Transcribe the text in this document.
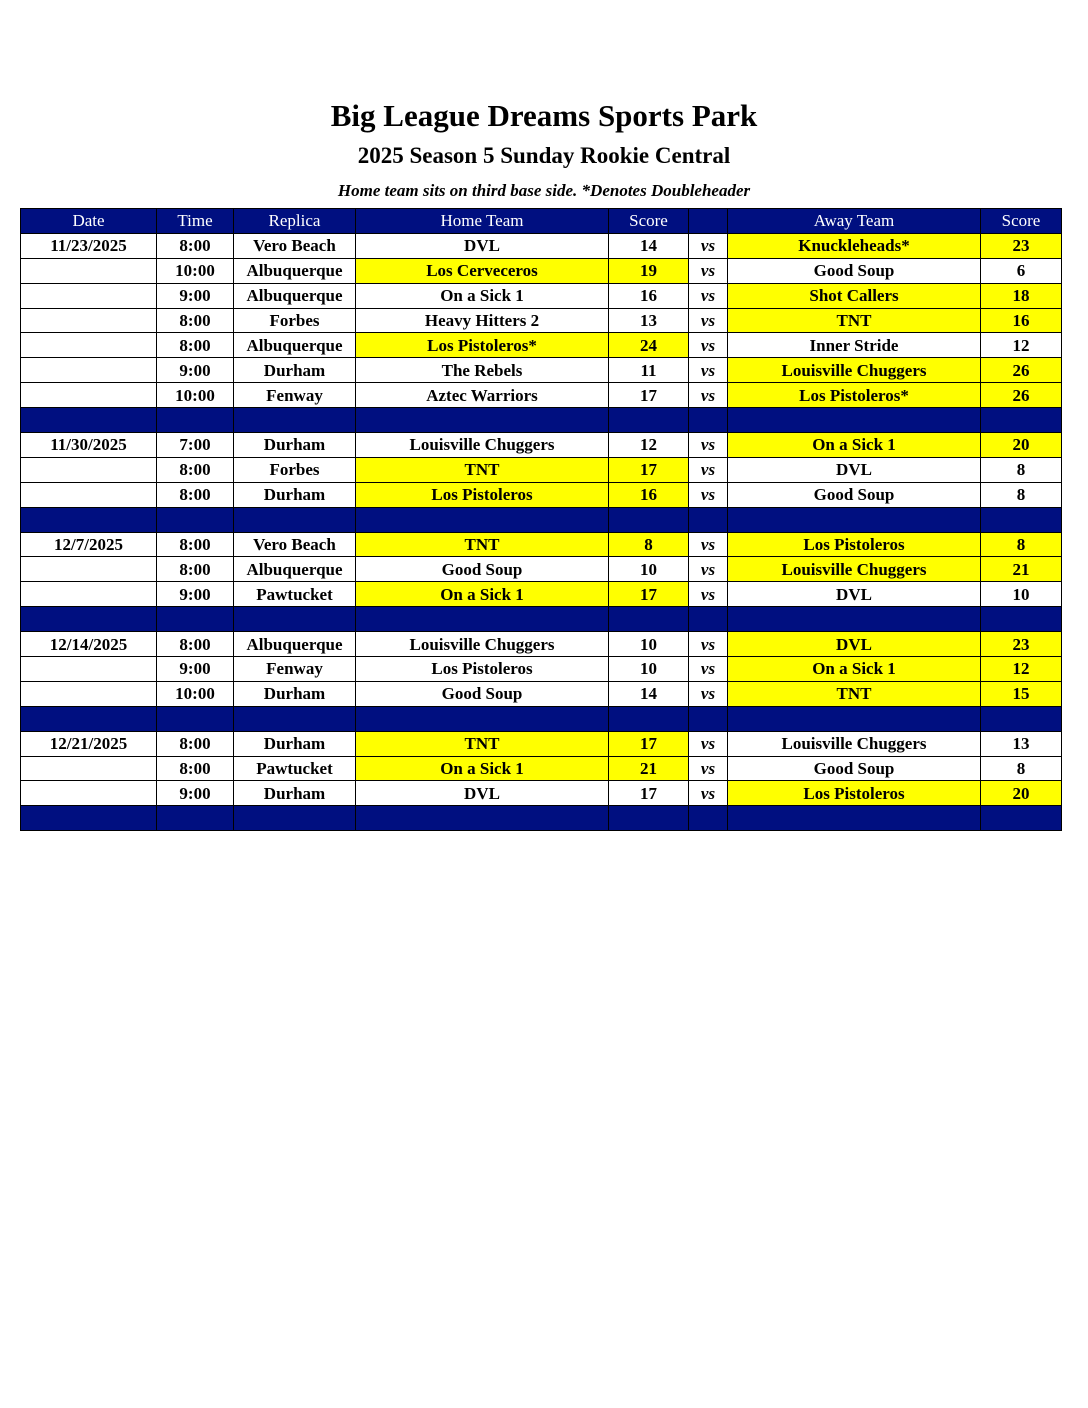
Big League Dreams Sports Park
2025 Season 5 Sunday Rookie Central
Home team sits on third base side. *Denotes Doubleheader
Date	Time	Replica	Home Team	Score		Away Team	Score
11/23/2025	8:00	Vero Beach	DVL	14	vs	Knuckleheads*	23
	10:00	Albuquerque	Los Cerveceros	19	vs	Good Soup	6
	9:00	Albuquerque	On a Sick 1	16	vs	Shot Callers	18
	8:00	Forbes	Heavy Hitters 2	13	vs	TNT	16
	8:00	Albuquerque	Los Pistoleros*	24	vs	Inner Stride	12
	9:00	Durham	The Rebels	11	vs	Louisville Chuggers	26
	10:00	Fenway	Aztec Warriors	17	vs	Los Pistoleros*	26

11/30/2025	7:00	Durham	Louisville Chuggers	12	vs	On a Sick 1	20
	8:00	Forbes	TNT	17	vs	DVL	8
	8:00	Durham	Los Pistoleros	16	vs	Good Soup	8

12/7/2025	8:00	Vero Beach	TNT	8	vs	Los Pistoleros	8
	8:00	Albuquerque	Good Soup	10	vs	Louisville Chuggers	21
	9:00	Pawtucket	On a Sick 1	17	vs	DVL	10

12/14/2025	8:00	Albuquerque	Louisville Chuggers	10	vs	DVL	23
	9:00	Fenway	Los Pistoleros	10	vs	On a Sick 1	12
	10:00	Durham	Good Soup	14	vs	TNT	15

12/21/2025	8:00	Durham	TNT	17	vs	Louisville Chuggers	13
	8:00	Pawtucket	On a Sick 1	21	vs	Good Soup	8
	9:00	Durham	DVL	17	vs	Los Pistoleros	20
